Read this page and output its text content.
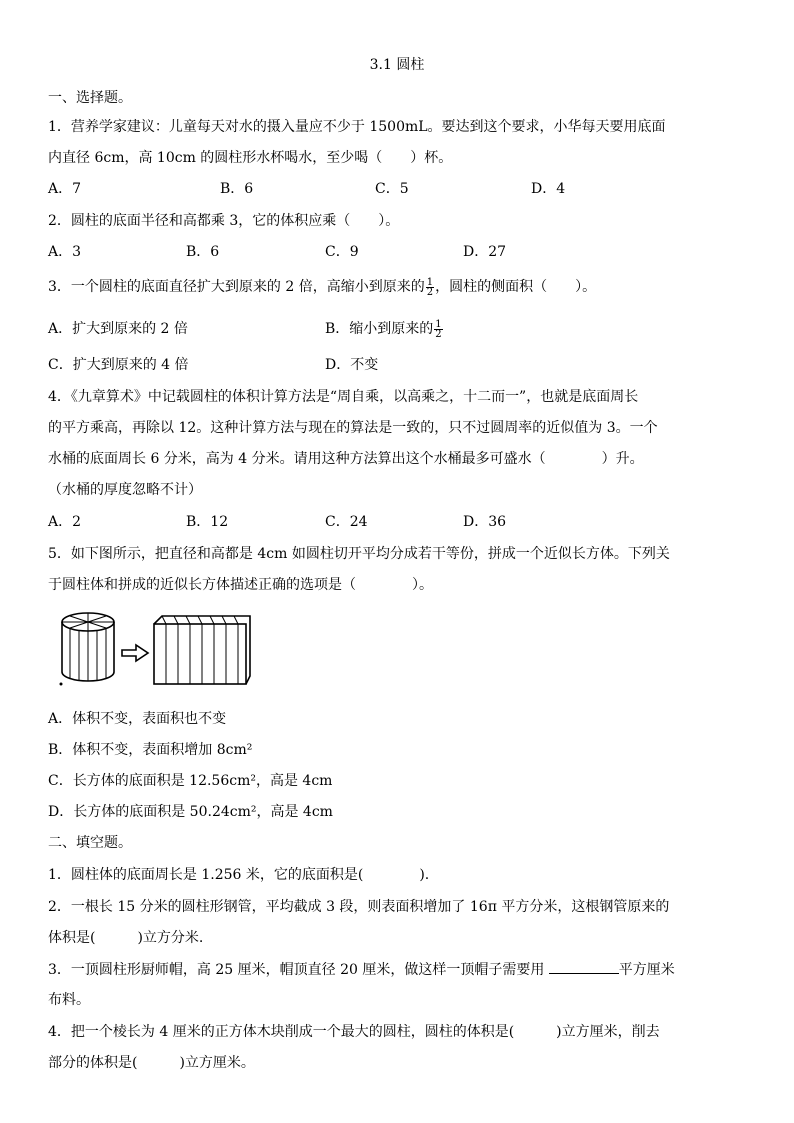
3.1 圆柱
一、选择题。
1．营养学家建议：儿童每天对水的摄入量应不少于 1500mL。要达到这个要求，小华每天要用底面
内直径 6cm，高 10cm 的圆柱形水杯喝水，至少喝（　　）杯。
A．7	B．6	C．5	D．4
2．圆柱的底面半径和高都乘 3，它的体积应乘（　　）。
A．3	B．6	C．9	D．27
3．一个圆柱的底面直径扩大到原来的 2 倍，高缩小到原来的 $\frac{1}{2}$ ，圆柱的侧面积（　　）。
A．扩大到原来的 2 倍	B．缩小到原来的 $\frac{1}{2}$
C．扩大到原来的 4 倍	D．不变
4．《九章算术》中记载圆柱的体积计算方法是“周自乘，以高乘之，十二而一”，也就是底面周长
的平方乘高，再除以 12。这种计算方法与现在的算法是一致的，只不过圆周率的近似值为 3。一个
水桶的底面周长 6 分米，高为 4 分米。请用这种方法算出这个水桶最多可盛水（　　　　）升。
（水桶的厚度忽略不计）
A．2	B．12	C．24	D．36
5．如下图所示，把直径和高都是 4cm 如圆柱切开平均分成若干等份，拼成一个近似长方体。下列关
于圆柱体和拼成的近似长方体描述正确的选项是（　　　　）。
A．体积不变，表面积也不变
B．体积不变，表面积增加 8cm²
C．长方体的底面积是 12.56cm²，高是 4cm
D．长方体的底面积是 50.24cm²，高是 4cm
二、填空题。
1．圆柱体的底面周长是 1.256 米，它的底面积是(　　　　).
2．一根长 15 分米的圆柱形钢管，平均截成 3 段，则表面积增加了 16π 平方分米，这根钢管原来的
体积是(　　　)立方分米.
3．一顶圆柱形厨师帽，高 25 厘米，帽顶直径 20 厘米，做这样一顶帽子需要用	平方厘米
布料。
4．把一个棱长为 4 厘米的正方体木块削成一个最大的圆柱，圆柱的体积是(　　　)立方厘米，削去
部分的体积是(　　　)立方厘米。
